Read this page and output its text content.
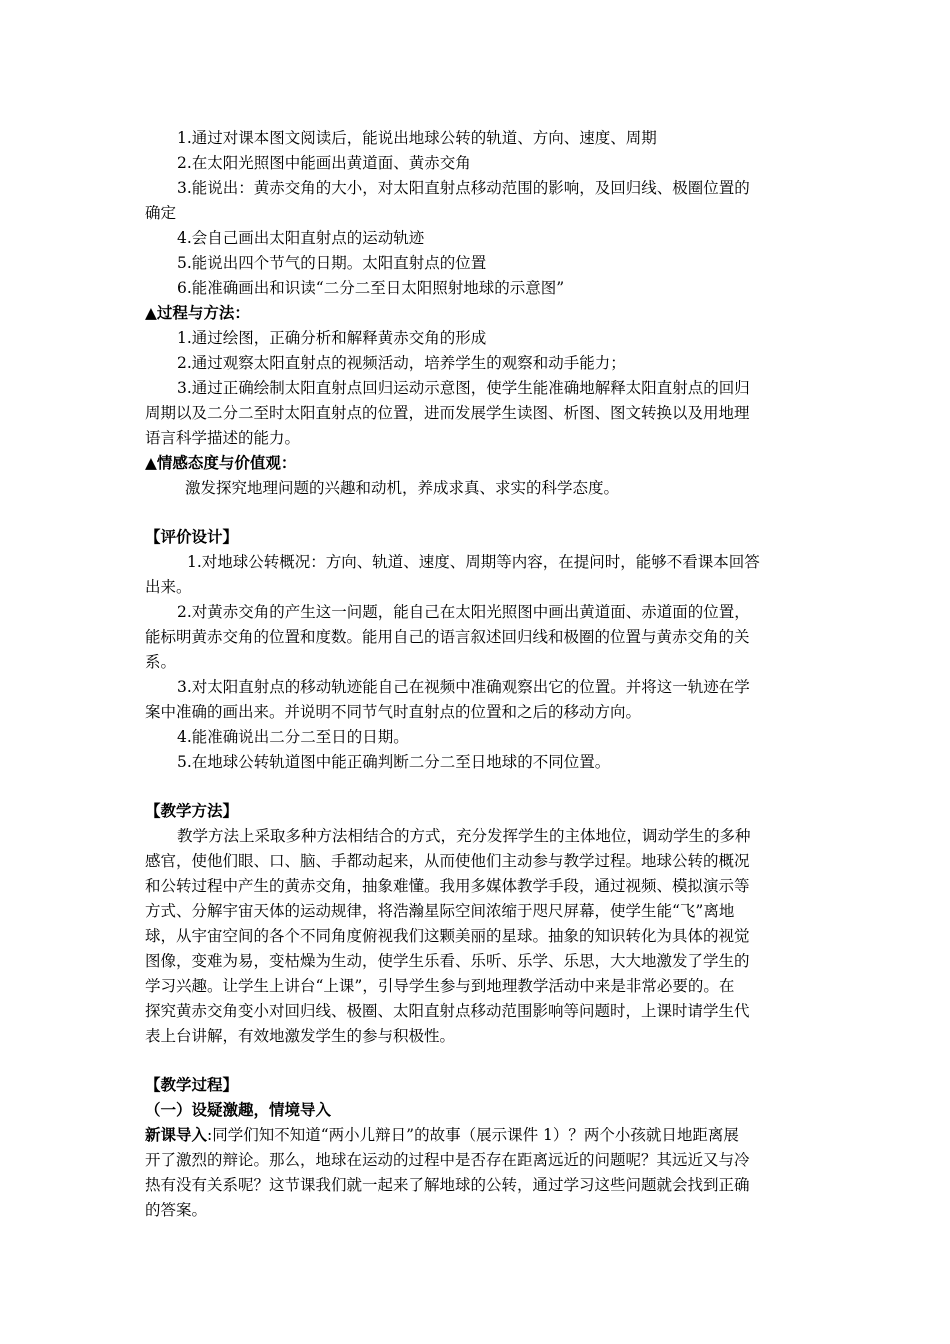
1.通过对课本图文阅读后，能说出地球公转的轨道、方向、速度、周期
2.在太阳光照图中能画出黄道面、黄赤交角
3.能说出：黄赤交角的大小，对太阳直射点移动范围的影响，及回归线、极圈位置的
确定
4.会自己画出太阳直射点的运动轨迹
5.能说出四个节气的日期。太阳直射点的位置
6.能准确画出和识读“二分二至日太阳照射地球的示意图”
▲过程与方法：
1.通过绘图，正确分析和解释黄赤交角的形成
2.通过观察太阳直射点的视频活动，培养学生的观察和动手能力；
3.通过正确绘制太阳直射点回归运动示意图，使学生能准确地解释太阳直射点的回归
周期以及二分二至时太阳直射点的位置，进而发展学生读图、析图、图文转换以及用地理
语言科学描述的能力。
▲情感态度与价值观：
激发探究地理问题的兴趣和动机，养成求真、求实的科学态度。
【评价设计】
1.对地球公转概况：方向、轨道、速度、周期等内容，在提问时，能够不看课本回答
出来。
2.对黄赤交角的产生这一问题，能自己在太阳光照图中画出黄道面、赤道面的位置，
能标明黄赤交角的位置和度数。能用自己的语言叙述回归线和极圈的位置与黄赤交角的关
系。
3.对太阳直射点的移动轨迹能自己在视频中准确观察出它的位置。并将这一轨迹在学
案中准确的画出来。并说明不同节气时直射点的位置和之后的移动方向。
4.能准确说出二分二至日的日期。
5.在地球公转轨道图中能正确判断二分二至日地球的不同位置。
【教学方法】
教学方法上采取多种方法相结合的方式，充分发挥学生的主体地位，调动学生的多种
感官，使他们眼、口、脑、手都动起来，从而使他们主动参与教学过程。地球公转的概况
和公转过程中产生的黄赤交角，抽象难懂。我用多媒体教学手段，通过视频、模拟演示等
方式、分解宇宙天体的运动规律，将浩瀚星际空间浓缩于咫尺屏幕，使学生能“飞”离地
球，从宇宙空间的各个不同角度俯视我们这颗美丽的星球。抽象的知识转化为具体的视觉
图像，变难为易，变枯燥为生动，使学生乐看、乐听、乐学、乐思，大大地激发了学生的
学习兴趣。让学生上讲台“上课”，引导学生参与到地理教学活动中来是非常必要的。在
探究黄赤交角变小对回归线、极圈、太阳直射点移动范围影响等问题时，上课时请学生代
表上台讲解，有效地激发学生的参与积极性。
【教学过程】
（一）设疑激趣，情境导入
新课导入:同学们知不知道“两小儿辩日”的故事（展示课件 1）？两个小孩就日地距离展
开了激烈的辩论。那么，地球在运动的过程中是否存在距离远近的问题呢？其远近又与冷
热有没有关系呢？这节课我们就一起来了解地球的公转，通过学习这些问题就会找到正确
的答案。
